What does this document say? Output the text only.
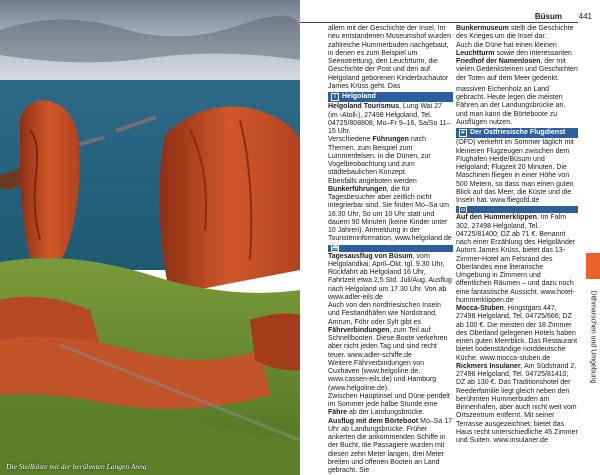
Die Steilküste mit der berühmten Langen Anna
Büsum 441

allem mit der Geschichte der Insel. Im neu entstandenen Museumshof wurden zahlreiche Hummerbuden nachgebaut, in denen es zum Beispiel um Seenotrettung, den Leuchtturm, die Geschichte der Post und den auf Helgoland geborenen Kinderbuchautor James Krüss geht. Das

i Helgoland

Helgoland Tourismus, Lung Wai 27 (im ›Atoll‹), 27498 Helgoland, Tel. 04725/808808; Mo–Fr 9–16, Sa/So 11–15 Uhr.

Verschiedene Führungen nach Themen, zum Beispiel zum Lummenfelsen, in die Dünen, zur Vogelbeobachtung und zum städtebaulichen Konzept.

Ebenfalls angeboten werden Bunkerführungen, die für Tagesbesucher aber zeitlich nicht integrierbar sind. Sie finden Mo–Sa um 16.30 Uhr, So um 10 Uhr statt und dauern 90 Minuten (keine Kinder unter 10 Jahren). Anmeldung in der Touristeninformation, www.helgoland.de

⛴

Tagesausflug von Büsum, vom Helgolandkai; April–Okt. tgl. 9.30 Uhr, Rückfahrt ab Helgoland 16 Uhr, Fahrtzeit etwa 2,5 Std. Juli/Aug. Ausflug nach Helgoland um 17.30 Uhr. Von ab www.adler-eils.de

Auch von den nordfriesischen Inseln und Festlandhäfen wie Nordstrand, Amrum, Föhr oder Sylt gibt es Fährverbindungen, zum Teil auf Schnellbooten. Diese Boote verkehren aber nicht jeden Tag und sind recht teuer. www.adler-schiffe.de

Weitere Fährverbindungen von Cuxhaven (www.helgoline.de, www.cassen-eils.de) und Hamburg (www.helgoline.de).

Zwischen Hauptinsel und Düne pendelt im Sommer jede halbe Stunde eine Fähre ab der Landungsbrücke.

Ausflug mit dem Börteboot Mo–Sa 17 Uhr ab Landungsbrücke. Früher ankerten die ankommenden Schiffe in der Bucht, die Passagiere wurden mit diesen zehn Meter langen, drei Meter breiten und offenen Booten an Land gebracht. Sie

Bunkermuseum stellt die Geschichte des Krieges um die Insel dar.

Auch die Düne hat einen kleinen Leuchtturm sowie den interessanten Friedhof der Namenlosen, der mit vielen Gedenksteinen und Geschichten der Toten auf dem Meer gedenkt.

massiven Eichenholz an Land gebracht. Heute legen die meisten Fähren an der Landungsbrücke an, und man kann die Börteboote zu Ausflügen nutzen.

✈ Der Ostfriesische Flugdienst

(OFD) verkehrt im Sommer täglich mit kleineren Flugzeugen zwischen dem Flughafen Heide/Büsum und Helgoland; Flugzeit 20 Minuten. Die Maschinen fliegen in einer Höhe von 500 Metern, so dass man einen guten Blick auf das Meer, die Küste und die Inseln hat. www.fliegofd.de

▭

Auf den Hummerklippen, Im Falm 302, 27498 Helgoland, Tel. 04725/81400; DZ ab 71 €. Benannt nach einer Erzählung des Helgoländer Autors James Krüss, bietet das 13-Zimmer-Hotel am Felsrand des Oberlandes eine literarische Umgebung in Zimmern und öffentlichen Räumen – und dazu noch eine fantastische Aussicht. www.hotel-hummerklippen.de

Mocca-Stuben, Hingstgars 447, 27498 Helgoland, Tel. 04725/666; DZ ab 100 €. Die meisten der 18 Zimmer des Oberland gelegenen Hotels haben einen guten Meerblick. Das Restaurant bietet bodenständige norddeutsche Küche. www.mocca-stuben.de

Rickmers Insulaner, Am Südstrand 2, 27498 Helgoland, Tel. 04725/81410; DZ ab 130 €. Das Traditionshotel der Reederfamilie liegt gleich neben den berühmten Hummerbuden am Binnenhafen, aber auch nicht weit vom Ortszentrum entfernt. Mit seiner Terrasse ausgezeichnet, bietet das Haus recht unterschiedliche 45 Zimmer und Suiten. www.insulaner.de

Dithmarschen und Umgebung
